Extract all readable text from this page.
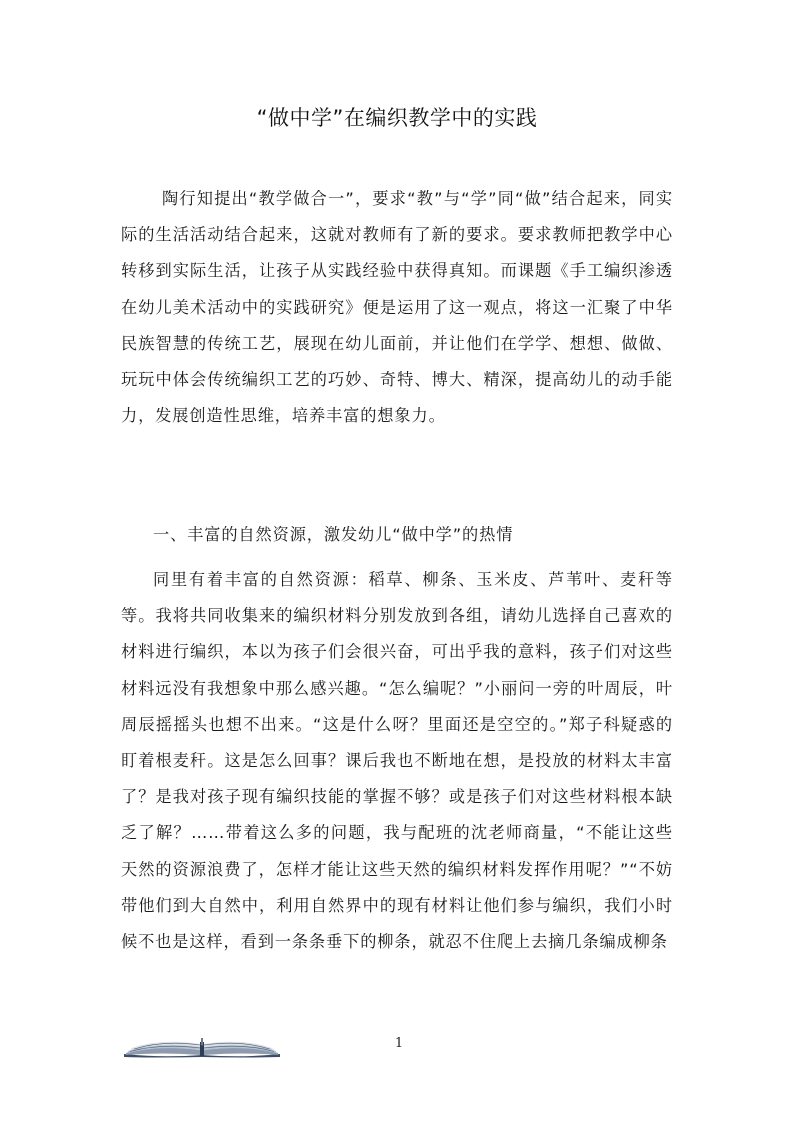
“做中学”在编织教学中的实践

陶行知提出“教学做合一”，要求“教”与“学”同“做”结合起来，同实际的生活活动结合起来，这就对教师有了新的要求。要求教师把教学中心转移到实际生活，让孩子从实践经验中获得真知。而课题《手工编织渗透在幼儿美术活动中的实践研究》便是运用了这一观点，将这一汇聚了中华民族智慧的传统工艺，展现在幼儿面前，并让他们在学学、想想、做做、玩玩中体会传统编织工艺的巧妙、奇特、博大、精深，提高幼儿的动手能力，发展创造性思维，培养丰富的想象力。

一、丰富的自然资源，激发幼儿“做中学”的热情

同里有着丰富的自然资源：稻草、柳条、玉米皮、芦苇叶、麦秆等等。我将共同收集来的编织材料分别发放到各组，请幼儿选择自己喜欢的材料进行编织，本以为孩子们会很兴奋，可出乎我的意料，孩子们对这些材料远没有我想象中那么感兴趣。“怎么编呢？”小丽问一旁的叶周辰，叶周辰摇摇头也想不出来。“这是什么呀？里面还是空空的。”郑子科疑惑的盯着根麦秆。这是怎么回事？课后我也不断地在想，是投放的材料太丰富了？是我对孩子现有编织技能的掌握不够？或是孩子们对这些材料根本缺乏了解？……带着这么多的问题，我与配班的沈老师商量，“不能让这些天然的资源浪费了，怎样才能让这些天然的编织材料发挥作用呢？”“不妨带他们到大自然中，利用自然界中的现有材料让他们参与编织，我们小时候不也是这样，看到一条条垂下的柳条，就忍不住爬上去摘几条编成柳条

1
